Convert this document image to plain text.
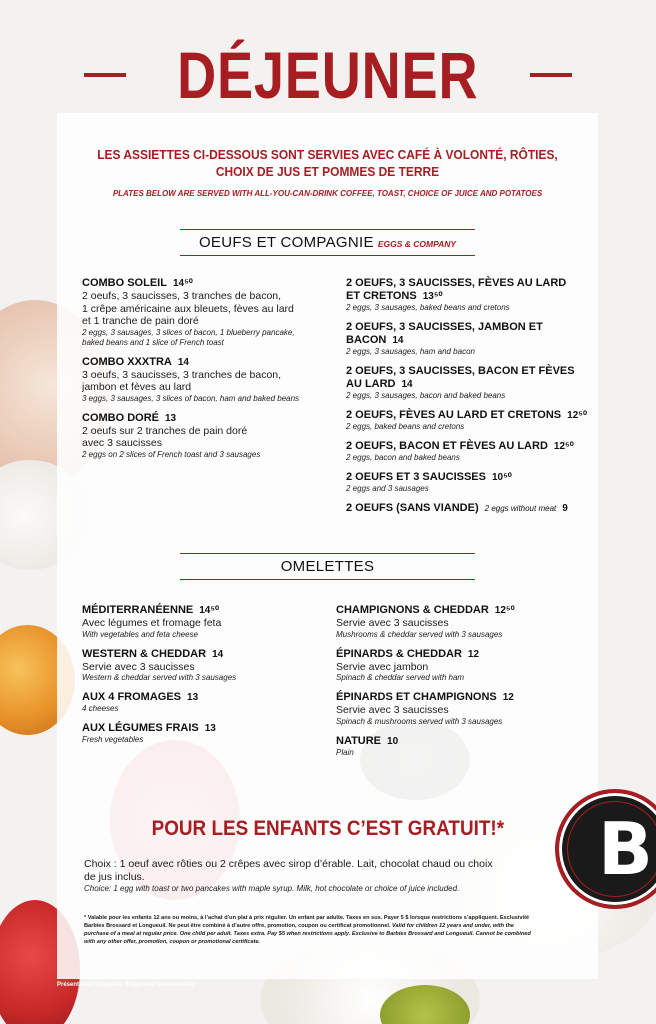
DÉJEUNER
LES ASSIETTES CI-DESSOUS SONT SERVIES AVEC CAFÉ À VOLONTÉ, RÔTIES,
CHOIX DE JUS ET POMMES DE TERRE
PLATES BELOW ARE SERVED WITH ALL-YOU-CAN-DRINK COFFEE, TOAST, CHOICE OF JUICE AND POTATOES
OEUFS ET COMPAGNIE EGGS & COMPANY
COMBO SOLEIL 14⁵⁰
2 oeufs, 3 saucisses, 3 tranches de bacon,
1 crêpe américaine aux bleuets, fèves au lard
et 1 tranche de pain doré
2 eggs, 3 sausages, 3 slices of bacon, 1 blueberry pancake,
baked beans and 1 slice of French toast
COMBO XXXTRA 14
3 oeufs, 3 saucisses, 3 tranches de bacon,
jambon et fèves au lard
3 eggs, 3 sausages, 3 slices of bacon, ham and baked beans
COMBO DORÉ 13
2 oeufs sur 2 tranches de pain doré
avec 3 saucisses
2 eggs on 2 slices of French toast and 3 sausages
2 OEUFS, 3 SAUCISSES, FÈVES AU LARD
ET CRETONS 13⁵⁰
2 eggs, 3 sausages, baked beans and cretons
2 OEUFS, 3 SAUCISSES, JAMBON ET BACON 14
2 eggs, 3 sausages, ham and bacon
2 OEUFS, 3 SAUCISSES, BACON ET FÈVES
AU LARD 14
2 eggs, 3 sausages, bacon and baked beans
2 OEUFS, FÈVES AU LARD ET CRETONS 12⁵⁰
2 eggs, baked beans and cretons
2 OEUFS, BACON ET FÈVES AU LARD 12⁵⁰
2 eggs, bacon and baked beans
2 OEUFS ET 3 SAUCISSES 10⁵⁰
2 eggs and 3 sausages
2 OEUFS (SANS VIANDE) 2 eggs without meat 9
OMELETTES
MÉDITERRANÉENNE 14⁵⁰
Avec légumes et fromage feta
With vegetables and feta cheese
WESTERN & CHEDDAR 14
Servie avec 3 saucisses
Western & cheddar served with 3 sausages
AUX 4 FROMAGES 13
4 cheeses
AUX LÉGUMES FRAIS 13
Fresh vegetables
CHAMPIGNONS & CHEDDAR 12⁵⁰
Servie avec 3 saucisses
Mushrooms & cheddar served with 3 sausages
ÉPINARDS & CHEDDAR 12
Servie avec jambon
Spinach & cheddar served with ham
ÉPINARDS ET CHAMPIGNONS 12
Servie avec 3 saucisses
Spinach & mushrooms served with 3 sausages
NATURE 10
Plain
POUR LES ENFANTS C’EST GRATUIT!*
Choix : 1 oeuf avec rôties ou 2 crêpes avec sirop d’érable. Lait, chocolat chaud ou choix
de jus inclus.
Choice: 1 egg with toast or two pancakes with maple syrup. Milk, hot chocolate or choice of juice included.
* Valable pour les enfants 12 ans ou moins, à l’achat d’un plat à prix régulier. Un enfant par adulte. Taxes en sus. Payer 5 $ lorsque restrictions s’appliquent. Exclusivité Barbies Brossard et Longueuil. Ne peut être combiné à d’autre offre, promotion, coupon ou certificat promotionnel. Valid for children 12 years and under, with the purchase of a meal at regular price. One child per adult. Taxes extra. Pay $5 when restrictions apply. Exclusive to Barbies Brossard and Longueuil. Cannot be combined with any other offer, promotion, coupon or promotional certificate.
Présentation suggérée. Suggested presentation.
B
